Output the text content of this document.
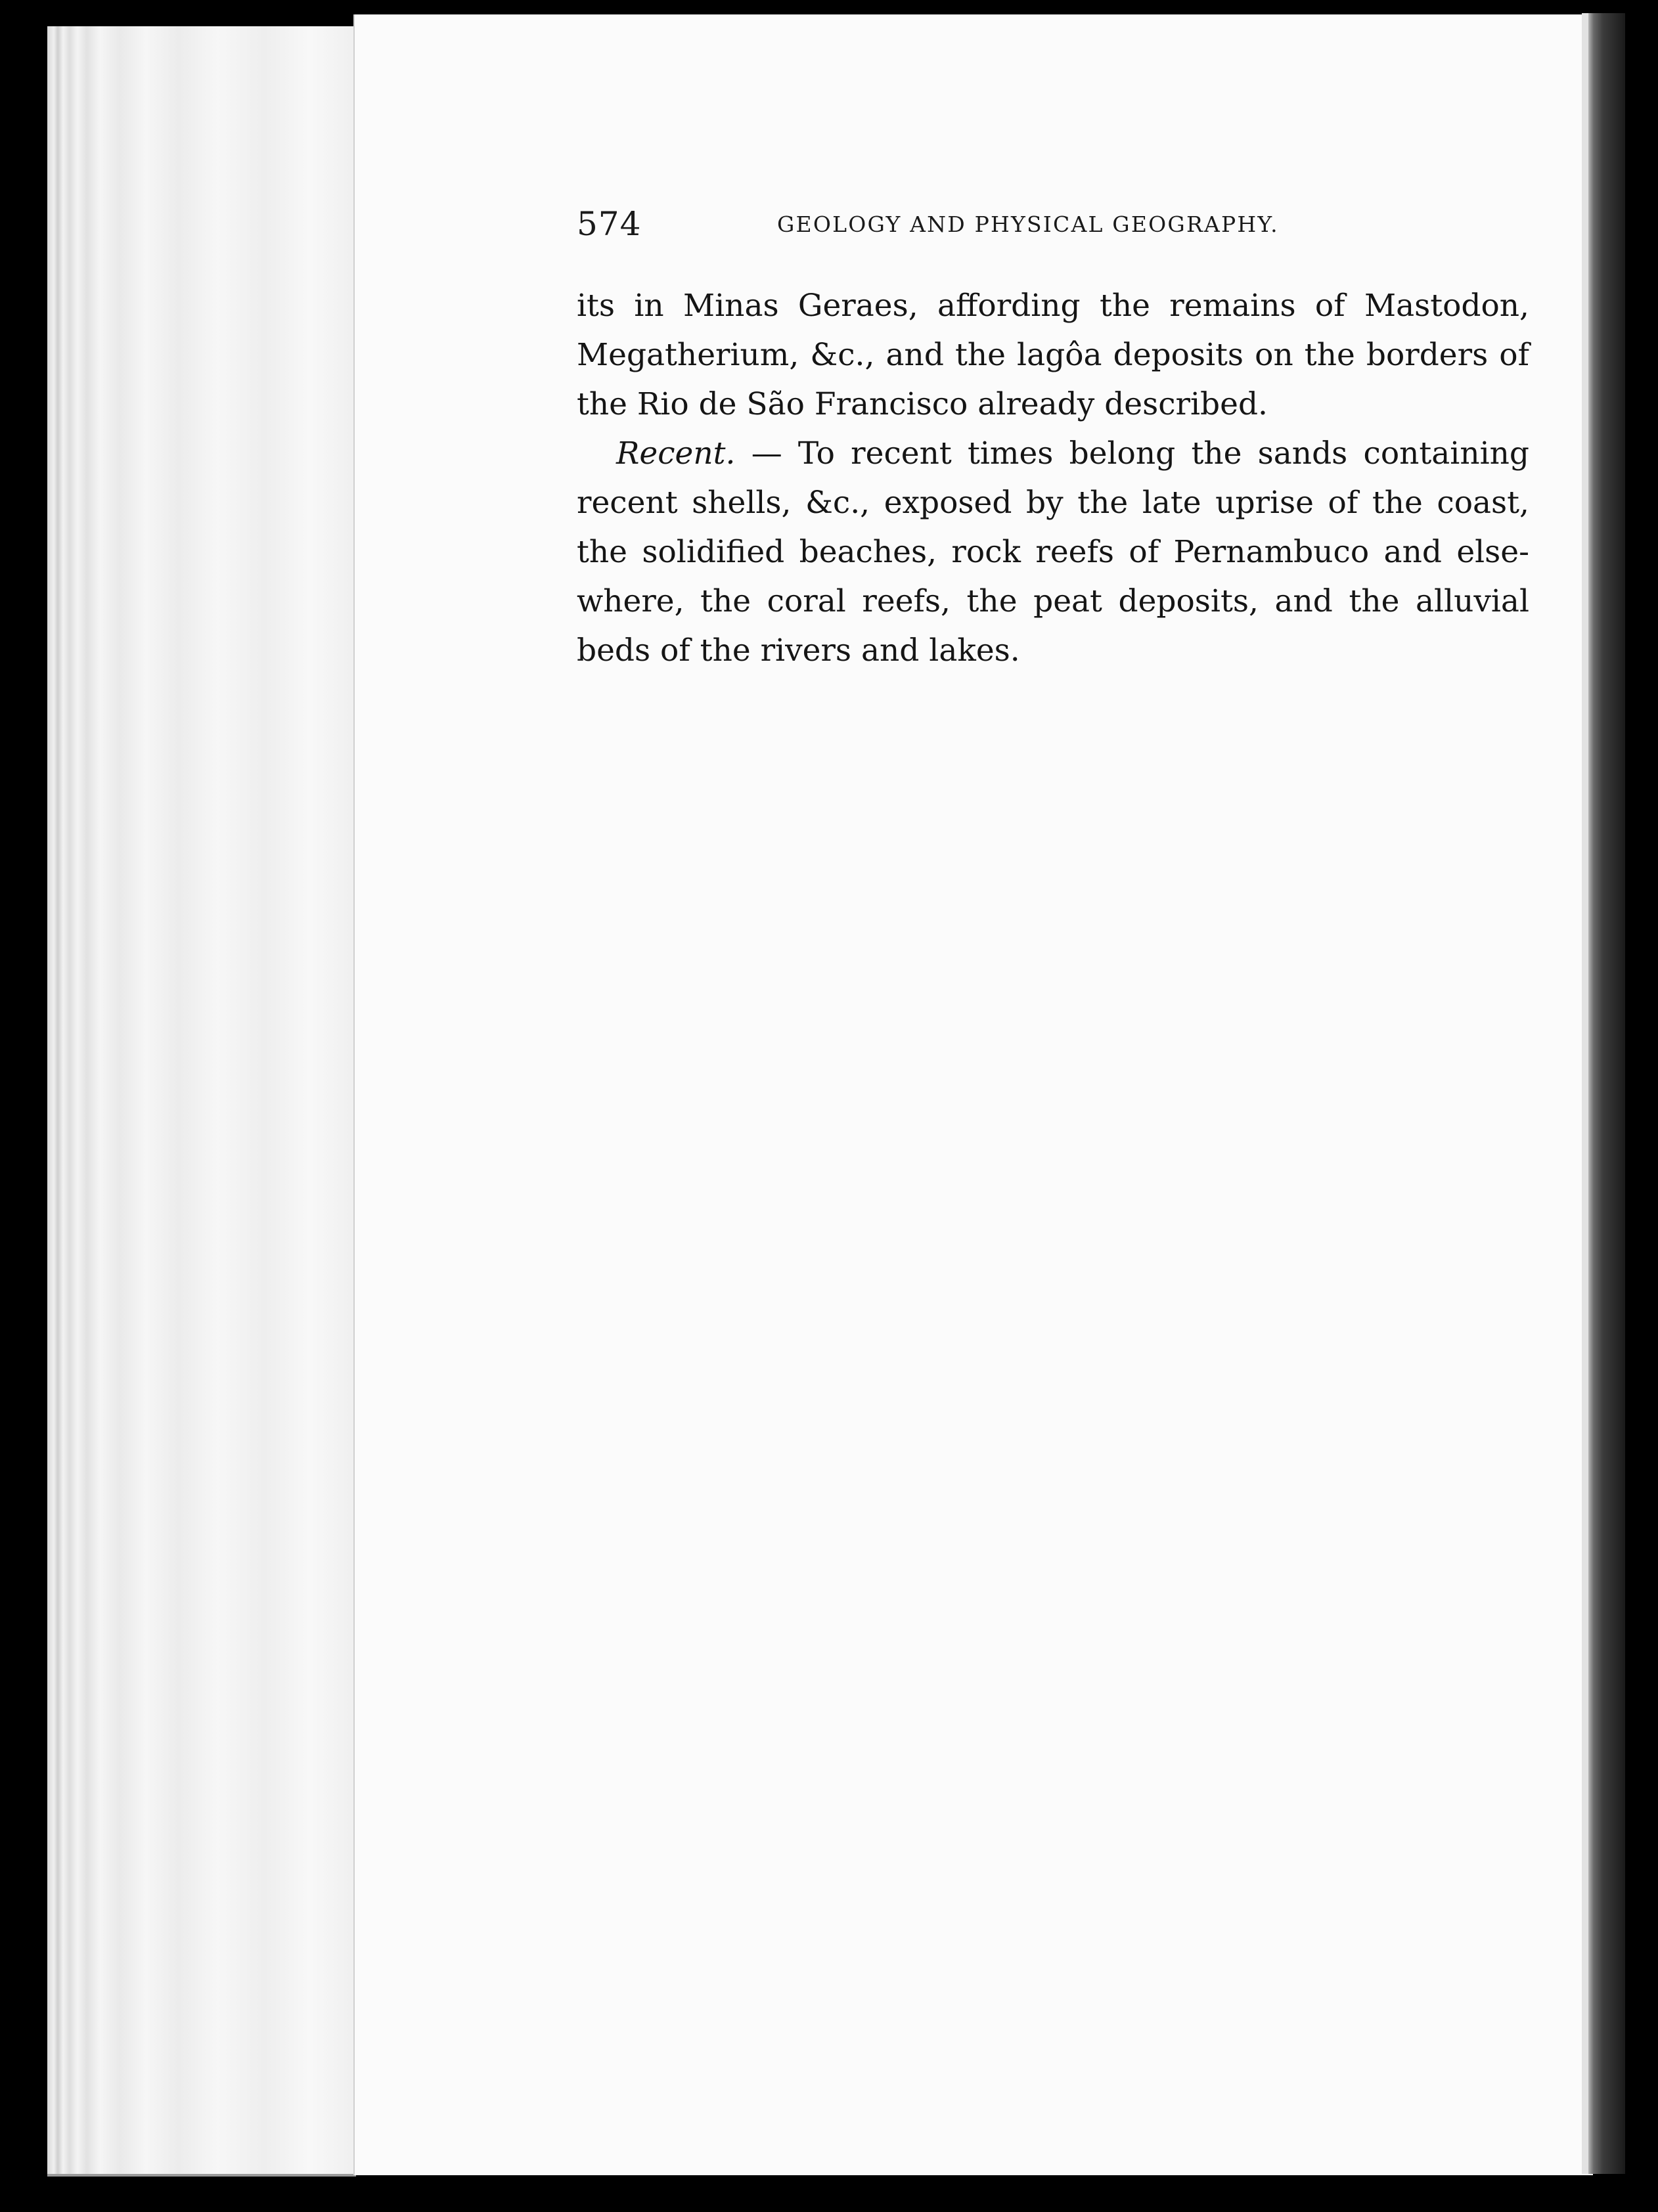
574	GEOLOGY AND PHYSICAL GEOGRAPHY.
its in Minas Geraes, affording the remains of Mastodon,
Megatherium, &c., and the lagôa deposits on the borders of
the Rio de São Francisco already described.
Recent. — To recent times belong the sands containing
recent shells, &c., exposed by the late uprise of the coast,
the solidified beaches, rock reefs of Pernambuco and else-
where, the coral reefs, the peat deposits, and the alluvial
beds of the rivers and lakes.
